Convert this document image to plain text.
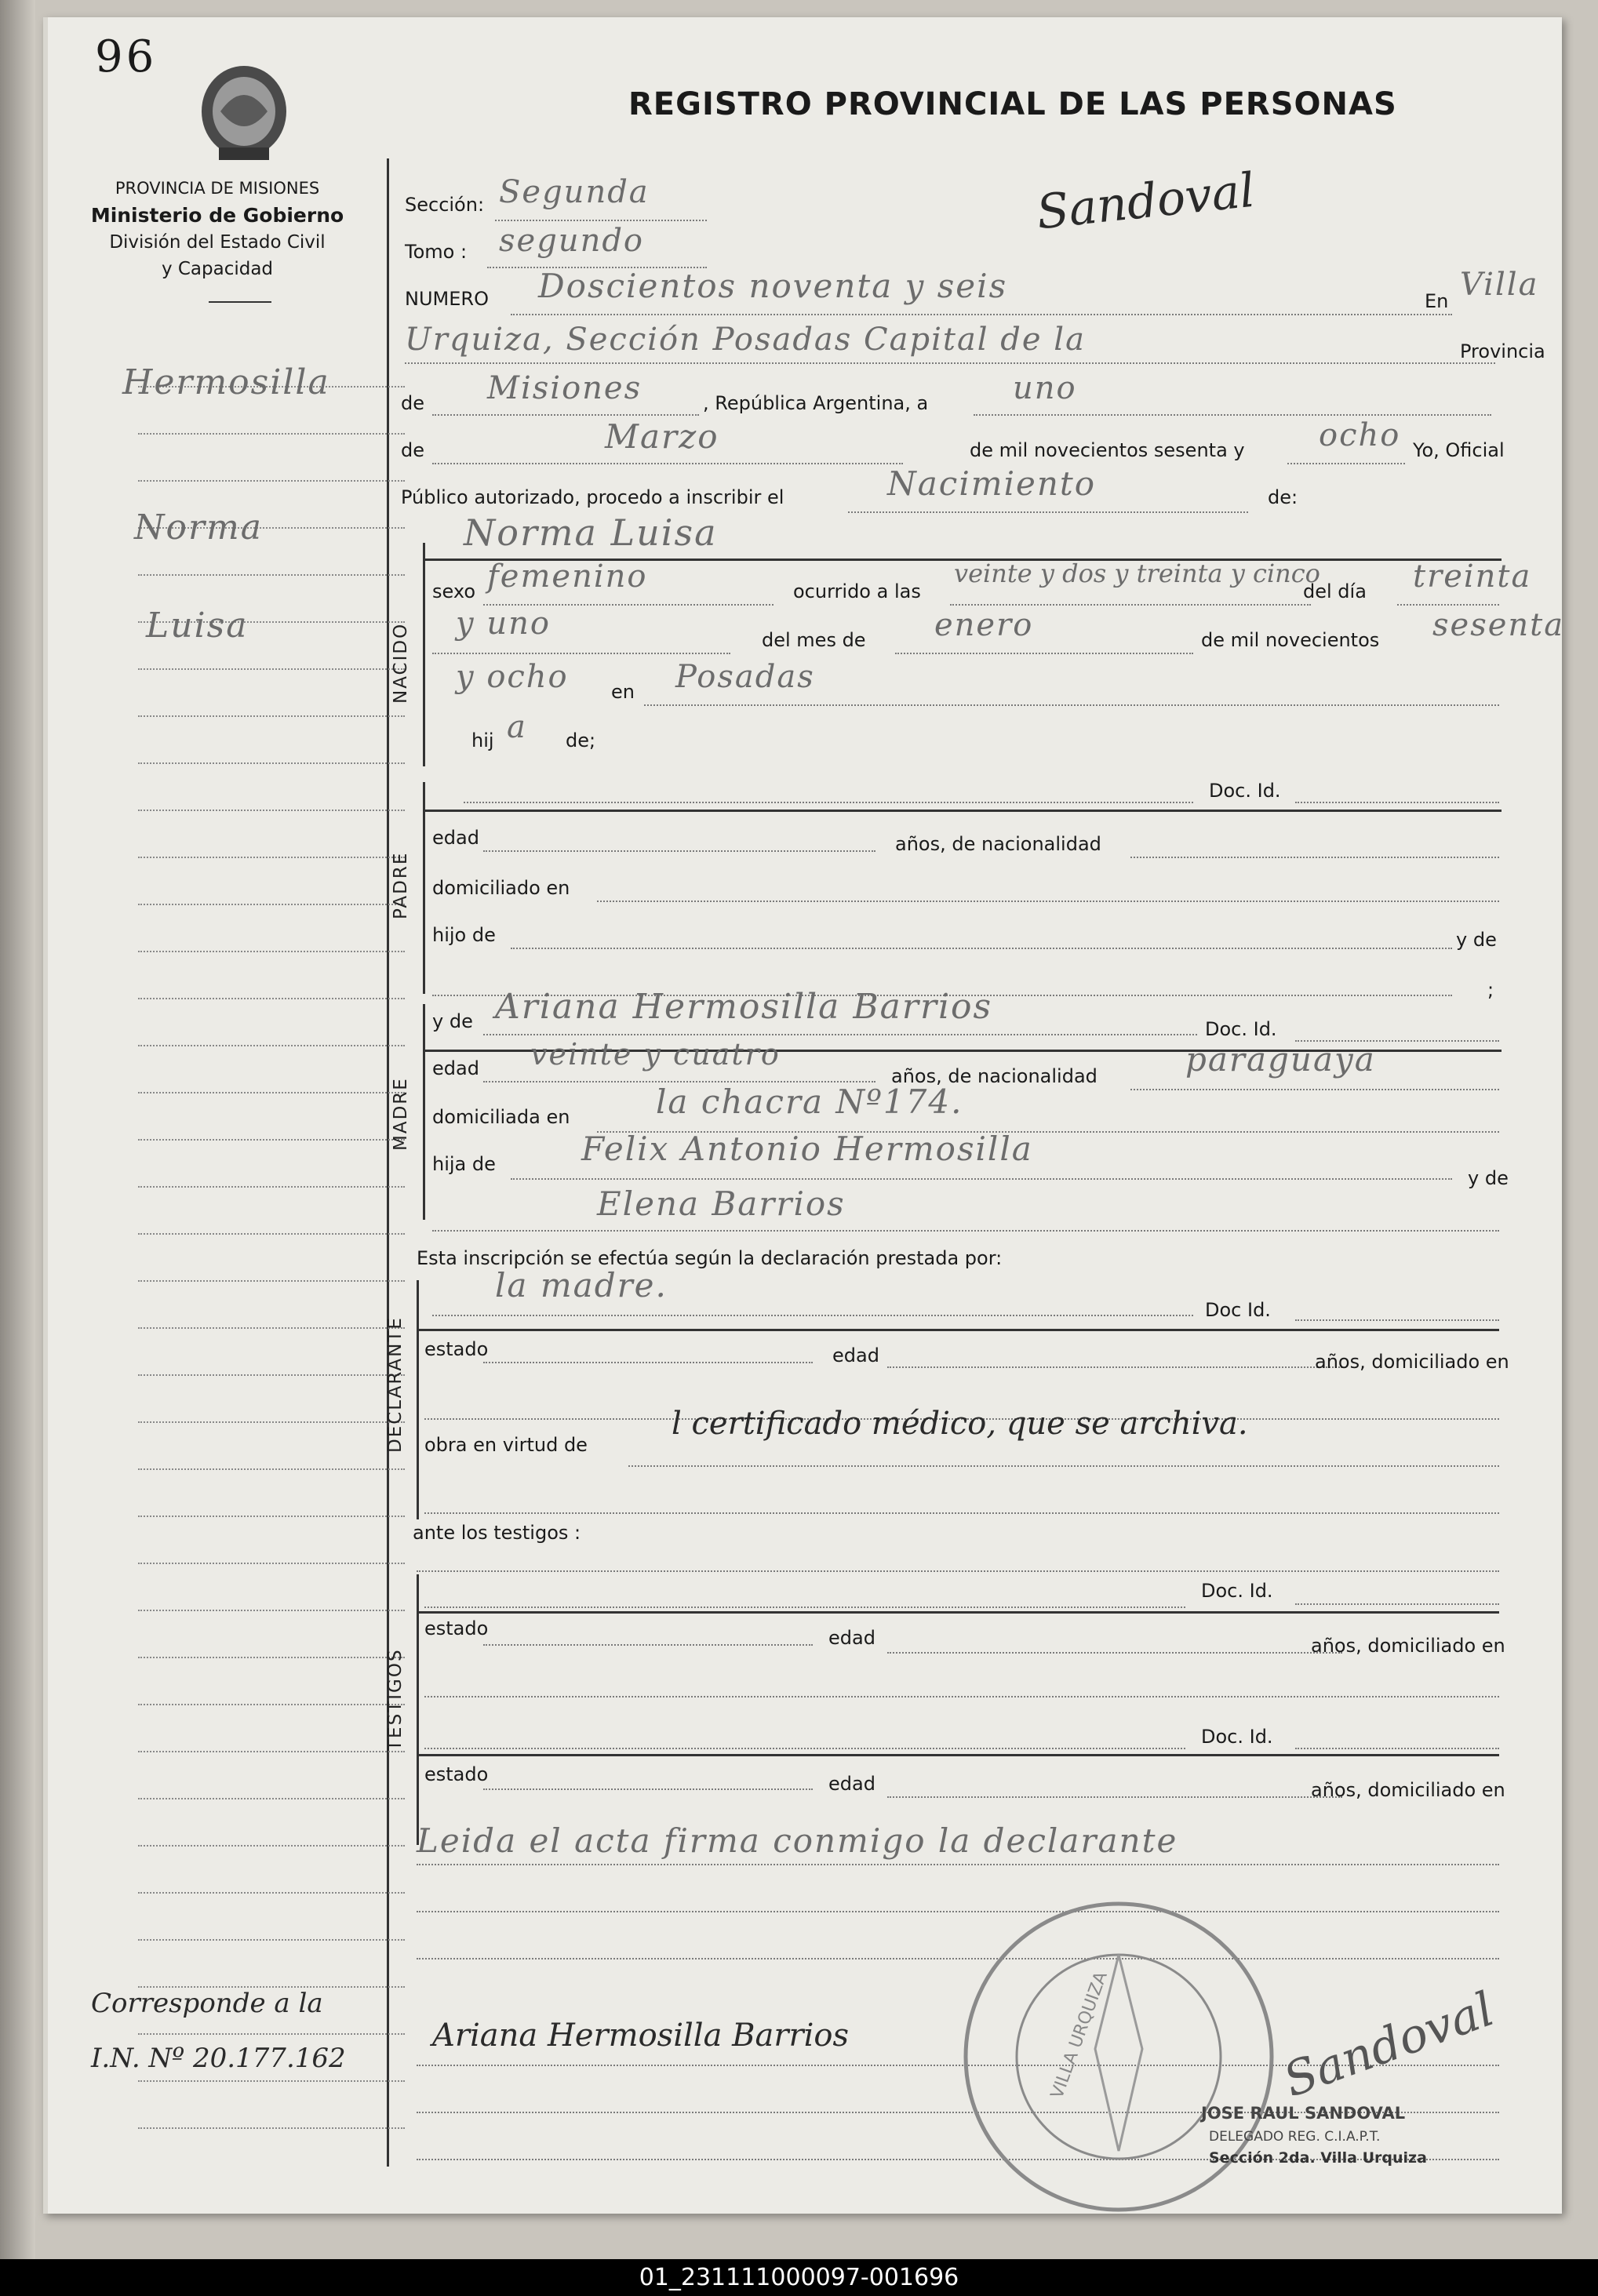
96
PROVINCIA DE MISIONES
Ministerio de Gobierno
División del Estado Civil
y Capacidad
REGISTRO PROVINCIAL DE LAS PERSONAS
Sandoval
Hermosilla
Norma
Luisa
Corresponde a la
I.N. Nº 20.177.162
Sección: Segunda
Tomo : segundo
NUMERO Doscientos noventa y seis	En Villa
Urquiza, Sección Posadas Capital de la	Provincia
de Misiones	, República Argentina, a	uno
de	Marzo	de mil novecientos sesenta y ocho Yo, Oficial
Público autorizado, procedo a inscribir el	Nacimiento	de:
Norma Luisa
NACIDO
sexo femenino	ocurrido a las
veinte y dos y treinta y cinco
del día treinta
y uno	del mes de enero	de mil novecientos sesenta
y ocho en Posadas
hij a de;
Doc. Id.
PADRE
edad	años, de nacionalidad
domiciliado en
hijo de	y de
;
y de Ariana Hermosilla Barrios
Doc. Id.
MADRE
edad veinte y cuatro
años, de nacionalidad	paraguaya
domiciliada en	la chacra Nº174.
hija de	Felix Antonio Hermosilla
y de
Elena Barrios
Esta inscripción se efectúa según la declaración prestada por:
la madre.
Doc Id.
DECLARANTE estado	edad	años, domiciliado en
obra en virtud de
l certificado médico, que se archiva.
ante los testigos :
Doc. Id.
TESTIGOS
estado	edad	años, domiciliado en
Doc. Id.
estado	edad	años, domiciliado en
Leida el acta firma conmigo la declarante
Ariana Hermosilla Barrios	VILLA URQUIZA
JOSE RAUL SANDOVAL
DELEGADO REG. C.I.A.P.T.
Sección 2da. Villa Urquiza
Sandoval
01_231111000097-001696
